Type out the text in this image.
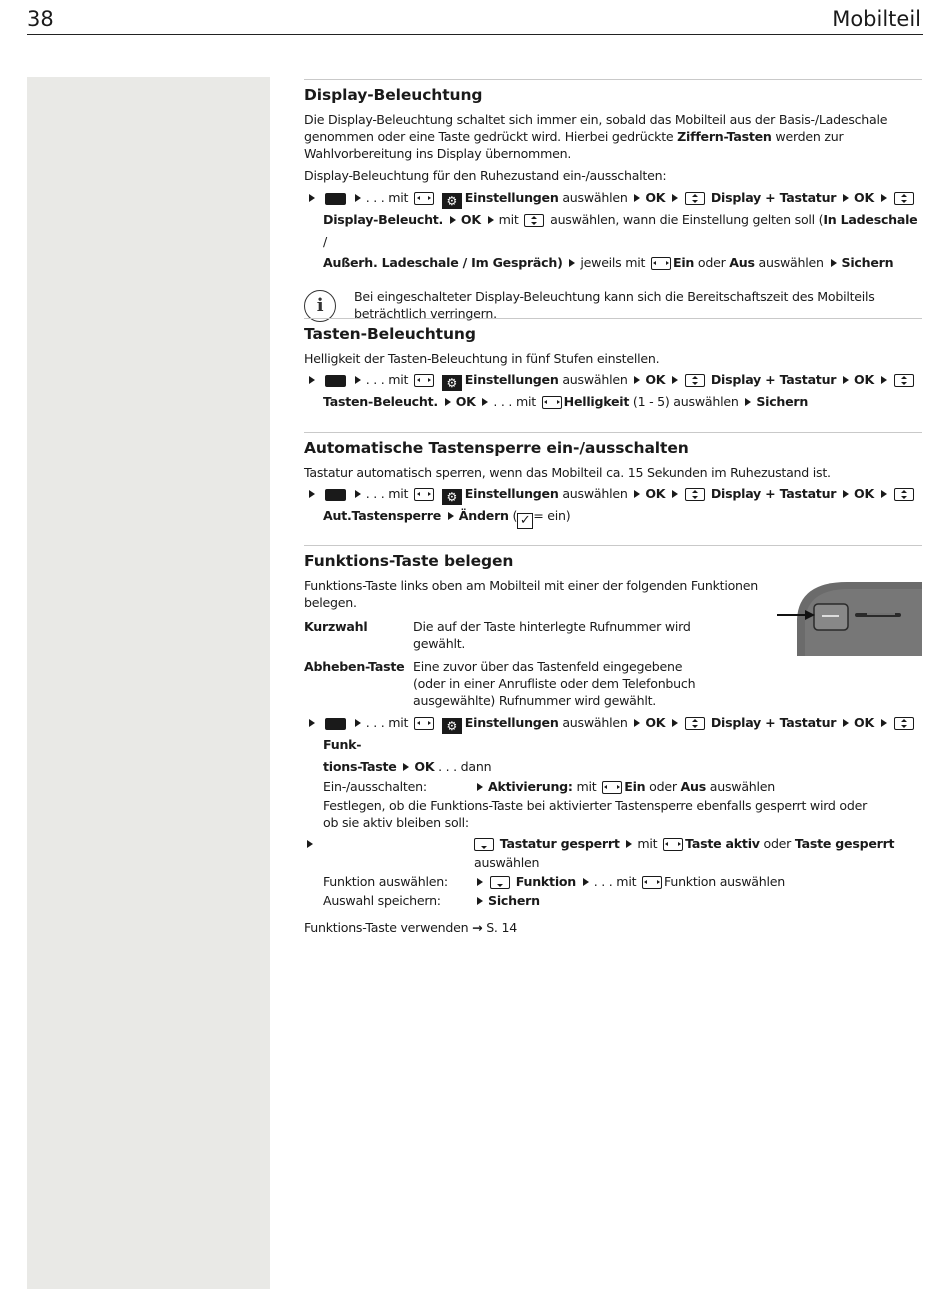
38	Mobilteil
Display-Beleuchtung

Die Display-Beleuchtung schaltet sich immer ein, sobald das Mobilteil aus der Basis-/Ladeschale genommen oder eine Taste gedrückt wird. Hierbei gedrückte Ziffern-Tasten werden zur Wahlvorbereitung ins Display übernommen.

Display-Beleuchtung für den Ruhezustand ein-/ausschalten:

. . . mit	⚙ Einstellungen auswählen OK	Display + Tastatur OK
Display-Beleucht. OK mit	auswählen, wann die Einstellung gelten soll (In Ladeschale /
Außerh. Ladeschale / Im Gespräch) jeweils mit Ein oder Aus auswählen Sichern
i	Bei eingeschalteter Display-Beleuchtung kann sich die Bereitschaftszeit des Mobilteils beträchtlich verringern.

Tasten-Beleuchtung

Helligkeit der Tasten-Beleuchtung in fünf Stufen einstellen.

. . . mit	⚙ Einstellungen auswählen OK	Display + Tastatur OK
Tasten-Beleucht. OK . . . mit Helligkeit (1 - 5) auswählen Sichern
Automatische Tastensperre ein-/ausschalten

Tastatur automatisch sperren, wenn das Mobilteil ca. 15 Sekunden im Ruhezustand ist.

. . . mit	⚙ Einstellungen auswählen OK	Display + Tastatur OK
Aut.Tastensperre Ändern ( ✓ = ein)
Funktions-Taste belegen

Funktions-Taste links oben am Mobilteil mit einer der folgenden Funktionen belegen.

Kurzwahl	Die auf der Taste hinterlegte Rufnummer wird gewählt.
Abheben-Taste Eine zuvor über das Tastenfeld eingegebene (oder in einer Anrufliste oder dem Telefonbuch ausgewählte) Rufnummer wird gewählt.
. . . mit	⚙ Einstellungen auswählen OK	Display + Tastatur OK  Funk-
tions-Taste OK . . . dann
Ein-/ausschalten:	Aktivierung: mit Ein oder Aus auswählen

Festlegen, ob die Funktions-Taste bei aktivierter Tastensperre ebenfalls gesperrt wird oder ob sie aktiv bleiben soll:

Tastatur gesperrt mit Taste aktiv oder Taste gesperrt
auswählen
Funktion auswählen:	Funktion . . . mit Funktion auswählen
Auswahl speichern:	Sichern

Funktions-Taste verwenden → S. 14
